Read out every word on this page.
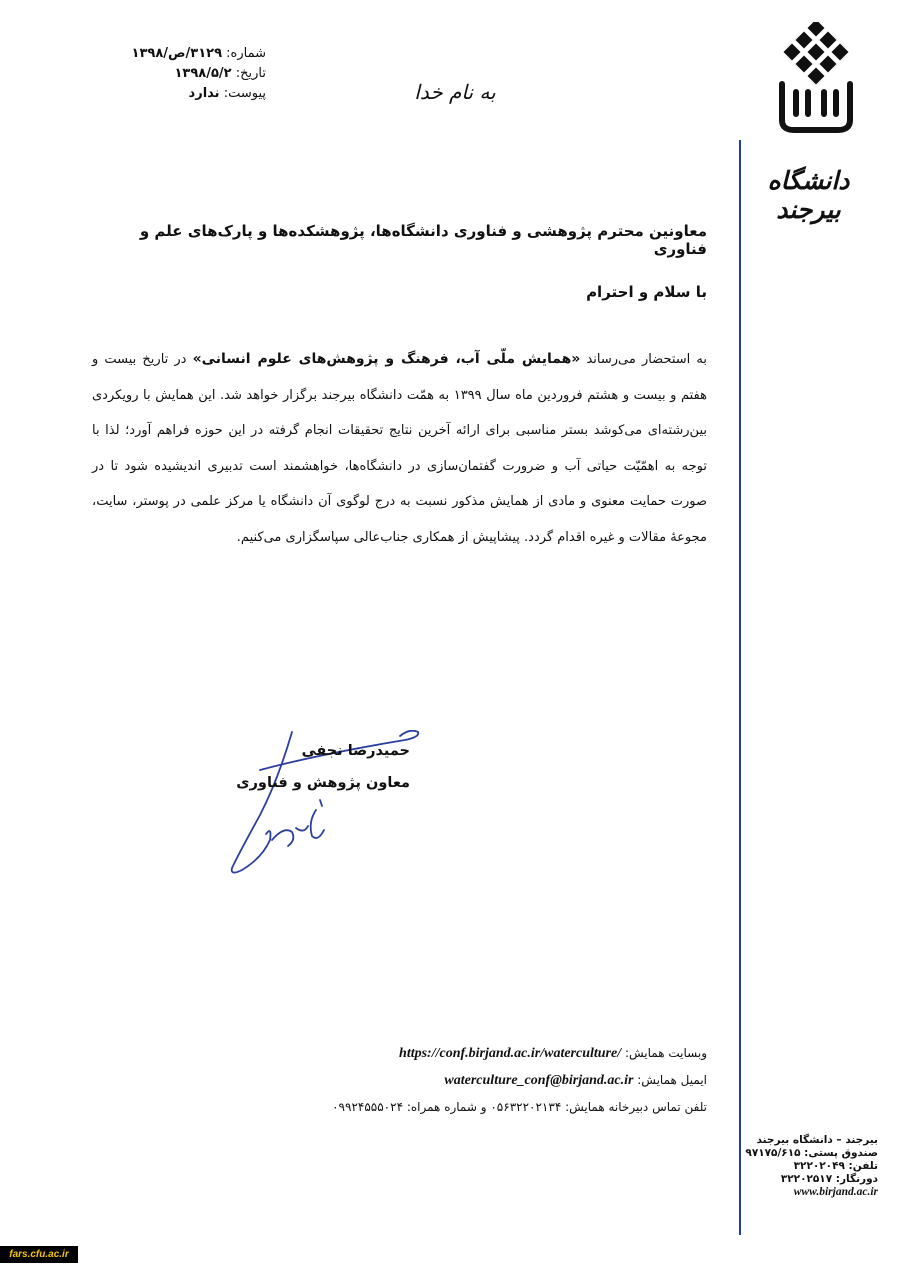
شماره: ۳۱۲۹/ص/۱۳۹۸
تاریخ: ۱۳۹۸/۵/۲
پیوست: ندارد	به نام خدا
دانشگاه بیرجند
معاونین محترم پژوهشی و فناوری دانشگاه‌ها، پژوهشکده‌ها و پارک‌های علم و فناوری
با سلام و احترام
به استحضار می‌رساند «همایش ملّی آب، فرهنگ و پژوهش‌های علوم انسانی» در تاریخ بیست و هفتم و بیست و هشتم فروردین ماه سال ۱۳۹۹ به همّت دانشگاه بیرجند برگزار خواهد شد. این همایش با رویکردی بین‌رشته‌ای می‌کوشد بستر مناسبی برای ارائه آخرین نتایج تحقیقات انجام گرفته در این حوزه فراهم آورد؛ لذا با توجه به اهمّیّت حیاتی آب و ضرورت گفتمان‌سازی در دانشگاه‌ها، خواهشمند است تدبیری اندیشیده شود تا در صورت حمایت معنوی و مادی از همایش مذکور نسبت به درج لوگوی آن دانشگاه یا مرکز علمی در پوستر، سایت، مجوعهٔ مقالات و غیره اقدام گردد. پیشاپیش از همکاری جناب‌عالی سپاسگزاری می‌کنیم.
حمیدرضا نجفی
معاون پژوهش و فناوری
وبسایت همایش: https://conf.birjand.ac.ir/waterculture/
ایمیل همایش: waterculture_conf@birjand.ac.ir
تلفن تماس دبیرخانه همایش: ۰۵۶۳۲۲۰۲۱۳۴ و شماره همراه: ۰۹۹۲۴۵۵۵۰۲۴
بیرجند – دانشگاه بیرجند
صندوق پستی: ۹۷۱۷۵/۶۱۵
تلفن: ۳۲۲۰۲۰۴۹
دورنگار: ۳۲۲۰۲۵۱۷
www.birjand.ac.ir
fars.cfu.ac.ir
